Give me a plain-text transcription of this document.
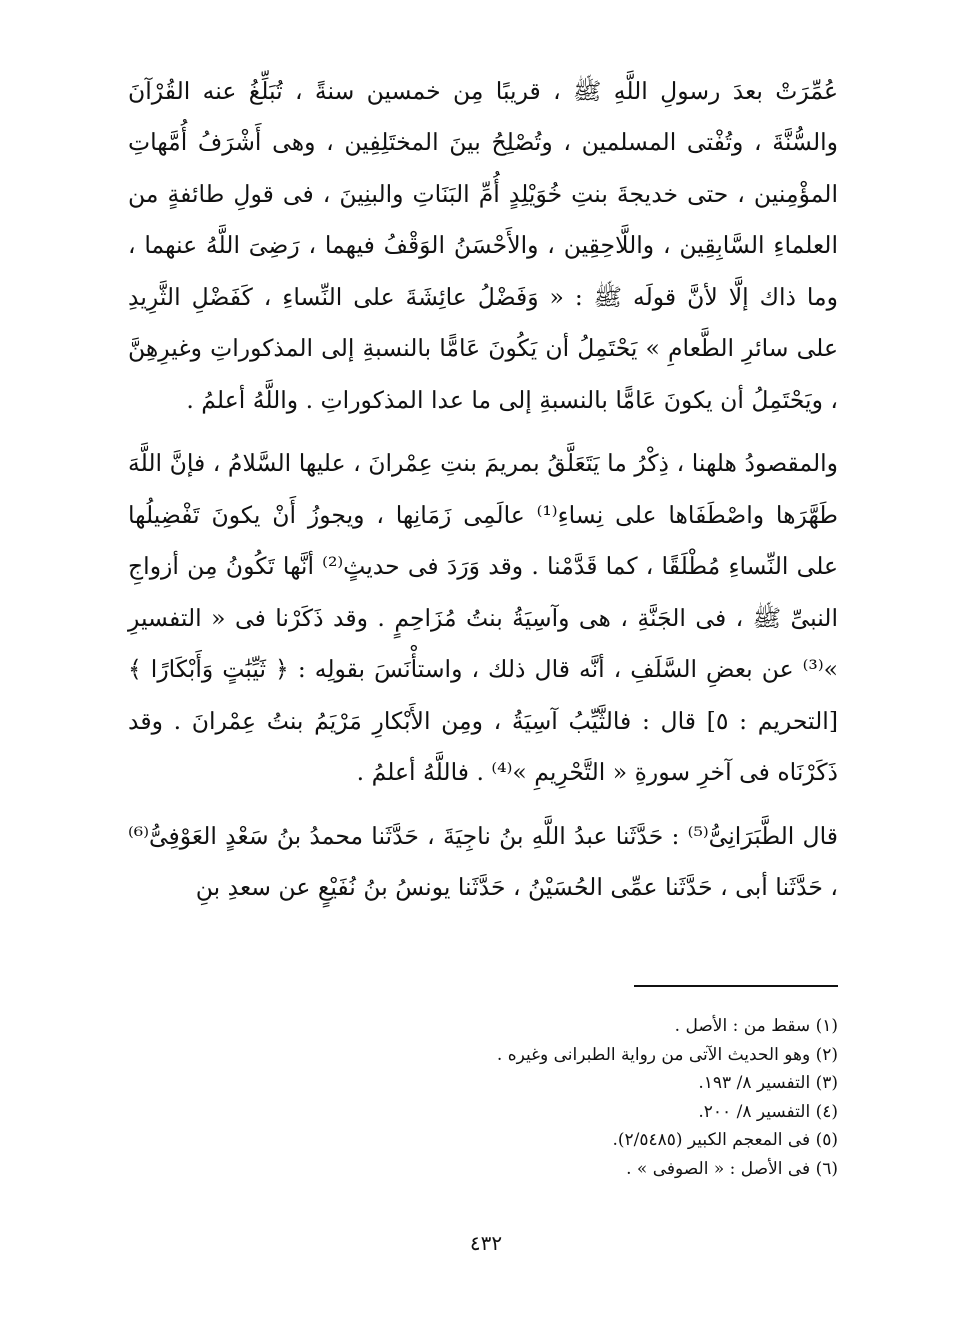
عُمِّرَتْ بعدَ رسولِ اللَّهِ ﷺ ، قريبًا مِن خمسين سنةً ، تُبَلِّغُ عنه القُرْآنَ والسُّنَّةَ ، وتُفْتى المسلمين ، وتُصْلِحُ بينَ المختَلِفِين ، وهى أَشْرَفُ أُمَّهاتِ المؤْمِنين ، حتى خديجةَ بنتِ خُوَيْلِدٍ أُمِّ البَنَاتِ والبنِينَ ، فى قولِ طائفةٍ من العلماءِ السَّابِقِين ، واللَّاحِقِين ، والأَحْسَنُ الوَقْفُ فيهما ، رَضِىَ اللَّهُ عنهما ، وما ذاك إلَّا لأنَّ قولَه ﷺ : « وَفَضْلُ عائِشَةَ على النِّساءِ ، كَفَضْلِ الثَّرِيدِ على سائرِ الطَّعامِ » يَحْتَمِلُ أن يَكُونَ عَامًّا بالنسبةِ إلى المذكوراتِ وغيرِهِنَّ ، ويَحْتَمِلُ أن يكونَ عَامًّا بالنسبةِ إلى ما عدا المذكوراتِ . واللَّهُ أعلمُ .

والمقصودُ هلهنا ، ذِكْرُ ما يَتَعَلَّقُ بمريمَ بنتِ عِمْرانَ ، عليها السَّلامُ ، فإنَّ اللَّهَ طَهَّرَها واصْطَفَاها على نِساءِ⁽¹⁾ عالَمِى زَمَانِها ، ويجوزُ أَنْ يكونَ تَفْضِيلُها على النِّساءِ مُطْلَقًا ، كما قَدَّمْنا . وقد وَرَدَ فى حديثٍ⁽²⁾ أنَّها تَكُونُ مِن أزواجِ النبىِّ ﷺ ، فى الجَنَّةِ ، هى وآسِيَةُ بنتُ مُزَاحِمٍ . وقد ذَكَرْنا فى « التفسيرِ »⁽³⁾ عن بعضِ السَّلَفِ ، أنَّه قال ذلك ، واستأْنَسَ بقولِه : ﴿ ثَيِّبَٰتٍ وَأَبْكَارًا ﴾ [التحريم : ٥] قال : فالثَّيِّبُ آسِيَةُ ، ومِن الأَبْكارِ مَرْيَمُ بنتُ عِمْرانَ . وقد ذَكَرْنَاه فى آخرِ سورةِ « التَّحْرِيمِ »⁽⁴⁾ . فاللَّهُ أعلمُ .

قال الطَّبَرَانِىُّ⁽⁵⁾ : حَدَّثَنا عبدُ اللَّهِ بنُ ناجِيَةَ ، حَدَّثَنا محمدُ بنُ سَعْدٍ العَوْفِىُّ⁽⁶⁾ ، حَدَّثَنا أبى ، حَدَّثَنا عمِّى الحُسَيْنُ ، حَدَّثَنا يونسُ بنُ نُفَيْعٍ عن سعدِ بنِ

(١) سقط من : الأصل .
(٢) وهو الحديث الآتى من رواية الطبرانى وغيره .
(٣) التفسير ٨/ ١٩٣.
(٤) التفسير ٨/ ٢٠٠.
(٥) فى المعجم الكبير (٢/٥٤٨٥).
(٦) فى الأصل : « الصوفى » .
٤٣٢
